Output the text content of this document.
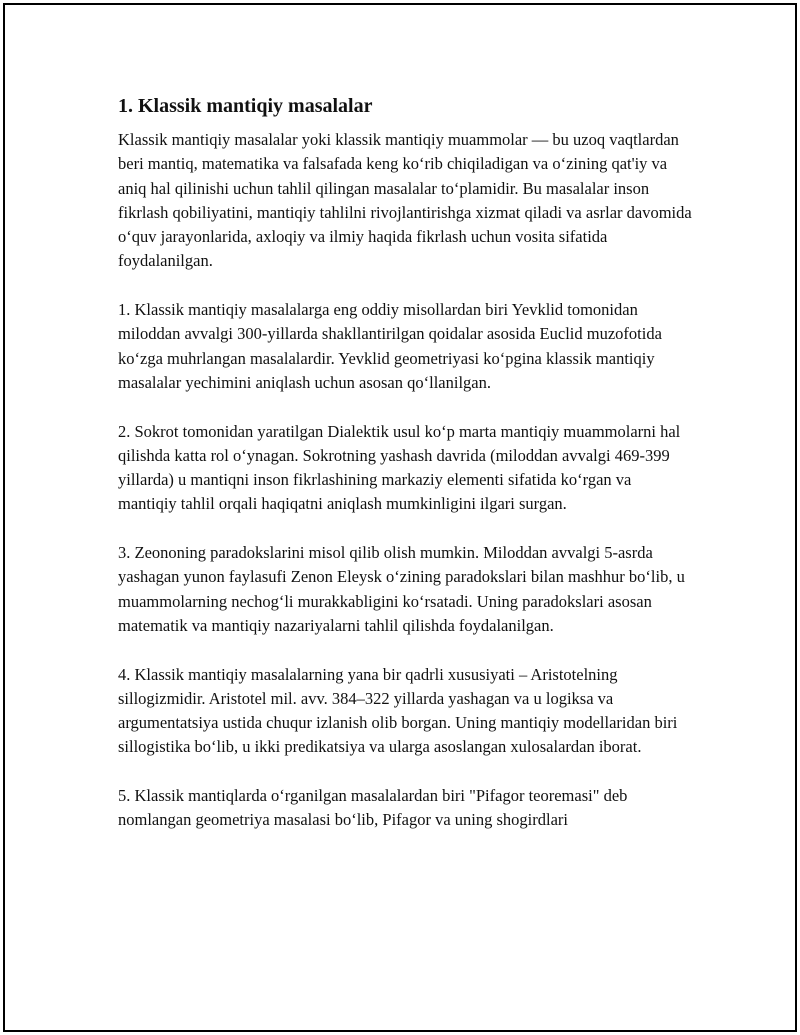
1. Klassik mantiqiy masalalar

Klassik mantiqiy masalalar yoki klassik mantiqiy muammolar — bu uzoq vaqtlardan beri mantiq, matematika va falsafada keng koʻrib chiqiladigan va oʻzining qat'iy va aniq hal qilinishi uchun tahlil qilingan masalalar toʻplamidir. Bu masalalar inson fikrlash qobiliyatini, mantiqiy tahlilni rivojlantirishga xizmat qiladi va asrlar davomida oʻquv jarayonlarida, axloqiy va ilmiy haqida fikrlash uchun vosita sifatida foydalanilgan.

1. Klassik mantiqiy masalalarga eng oddiy misollardan biri Yevklid tomonidan miloddan avvalgi 300-yillarda shakllantirilgan qoidalar asosida Euclid muzofotida koʻzga muhrlangan masalalardir. Yevklid geometriyasi koʻpgina klassik mantiqiy masalalar yechimini aniqlash uchun asosan qoʻllanilgan.

2. Sokrot tomonidan yaratilgan Dialektik usul koʻp marta mantiqiy muammolarni hal qilishda katta rol oʻynagan. Sokrotning yashash davrida (miloddan avvalgi 469-399 yillarda) u mantiqni inson fikrlashining markaziy elementi sifatida koʻrgan va mantiqiy tahlil orqali haqiqatni aniqlash mumkinligini ilgari surgan.

3. Zeononing paradokslarini misol qilib olish mumkin. Miloddan avvalgi 5-asrda yashagan yunon faylasufi Zenon Eleysk oʻzining paradokslari bilan mashhur boʻlib, u muammolarning nechogʻli murakkabligini koʻrsatadi. Uning paradokslari asosan matematik va mantiqiy nazariyalarni tahlil qilishda foydalanilgan.

4. Klassik mantiqiy masalalarning yana bir qadrli xususiyati – Aristotelning sillogizmidir. Aristotel mil. avv. 384–322 yillarda yashagan va u logiksa va argumentatsiya ustida chuqur izlanish olib borgan. Uning mantiqiy modellaridan biri sillogistika boʻlib, u ikki predikatsiya va ularga asoslangan xulosalardan iborat.

5. Klassik mantiqlarda oʻrganilgan masalalardan biri "Pifagor teoremasi" deb nomlangan geometriya masalasi boʻlib, Pifagor va uning shogirdlari
